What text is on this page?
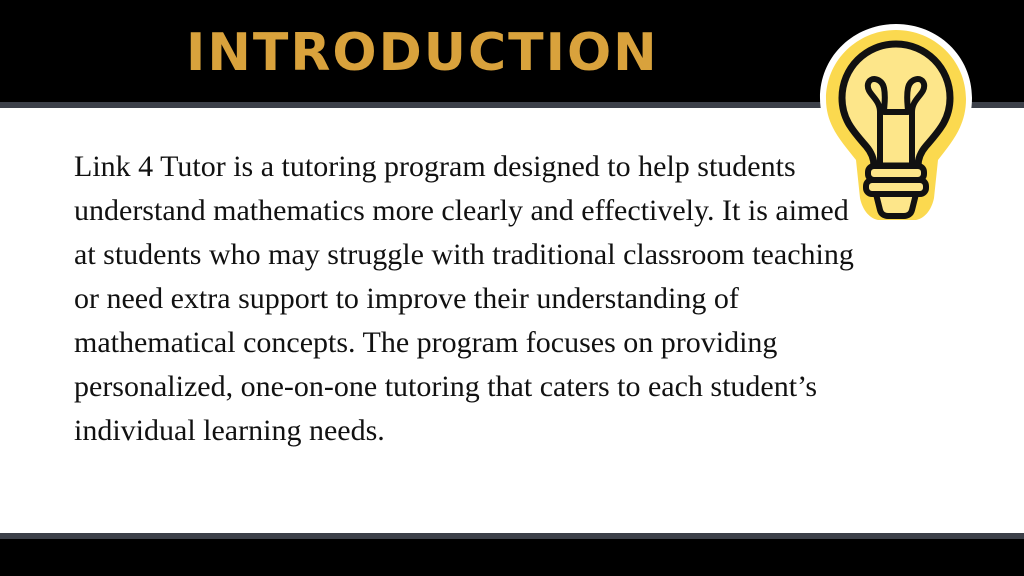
INTRODUCTION

Link 4 Tutor is a tutoring program designed to help students understand mathematics more clearly and effectively. It is aimed at students who may struggle with traditional classroom teaching or need extra support to improve their understanding of mathematical concepts. The program focuses on providing personalized, one-on-one tutoring that caters to each student’s individual learning needs.
